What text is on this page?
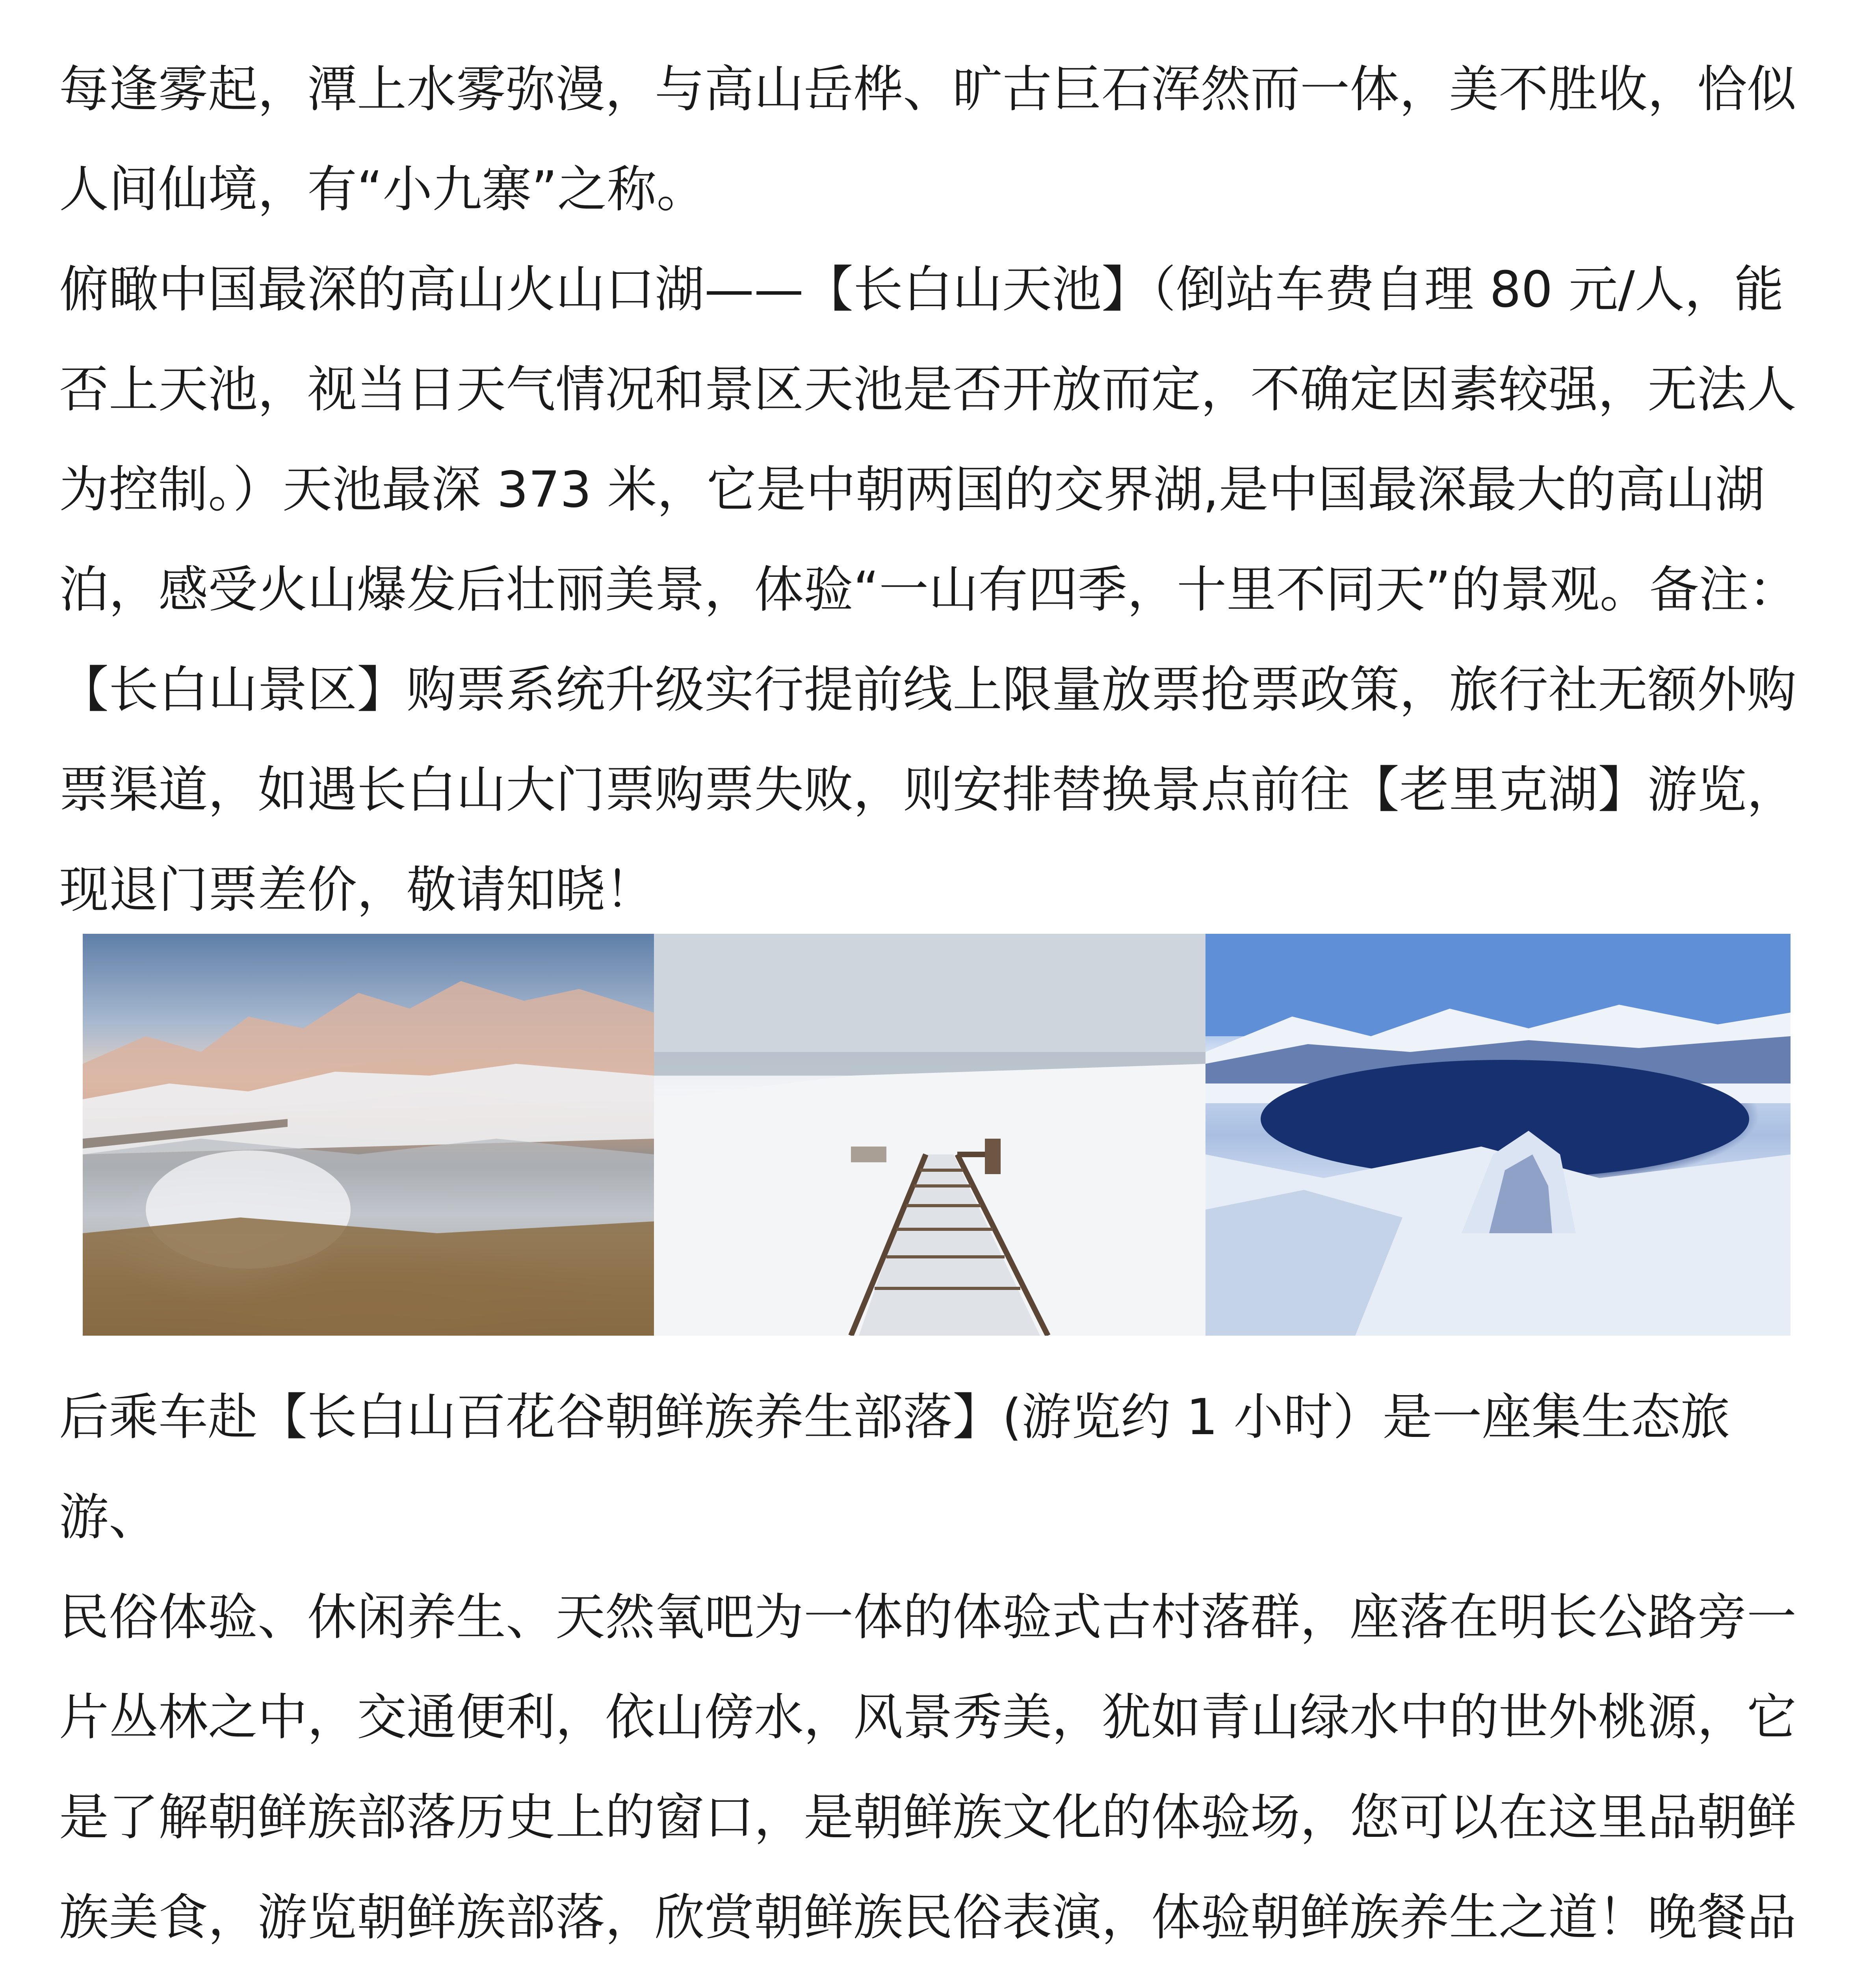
每逢雾起，潭上水雾弥漫，与高山岳桦、旷古巨石浑然而一体，美不胜收，恰似
人间仙境，有“小九寨”之称。

俯瞰中国最深的高山火山口湖——【长白山天池】（倒站车费自理 80 元/人，能
否上天池，视当日天气情况和景区天池是否开放而定，不确定因素较强，无法人
为控制。）天池最深 373 米，它是中朝两国的交界湖,是中国最深最大的高山湖
泊，感受火山爆发后壮丽美景，体验“一山有四季，十里不同天”的景观。备注：
【长白山景区】购票系统升级实行提前线上限量放票抢票政策，旅行社无额外购
票渠道，如遇长白山大门票购票失败，则安排替换景点前往【老里克湖】游览，
现退门票差价，敬请知晓！

后乘车赴【长白山百花谷朝鲜族养生部落】(游览约 1 小时）是一座集生态旅游、
民俗体验、休闲养生、天然氧吧为一体的体验式古村落群，座落在明长公路旁一
片丛林之中，交通便利，依山傍水，风景秀美，犹如青山绿水中的世外桃源，它
是了解朝鲜族部落历史上的窗口，是朝鲜族文化的体验场，您可以在这里品朝鲜
族美食，游览朝鲜族部落，欣赏朝鲜族民俗表演，体验朝鲜族养生之道！晚餐品
